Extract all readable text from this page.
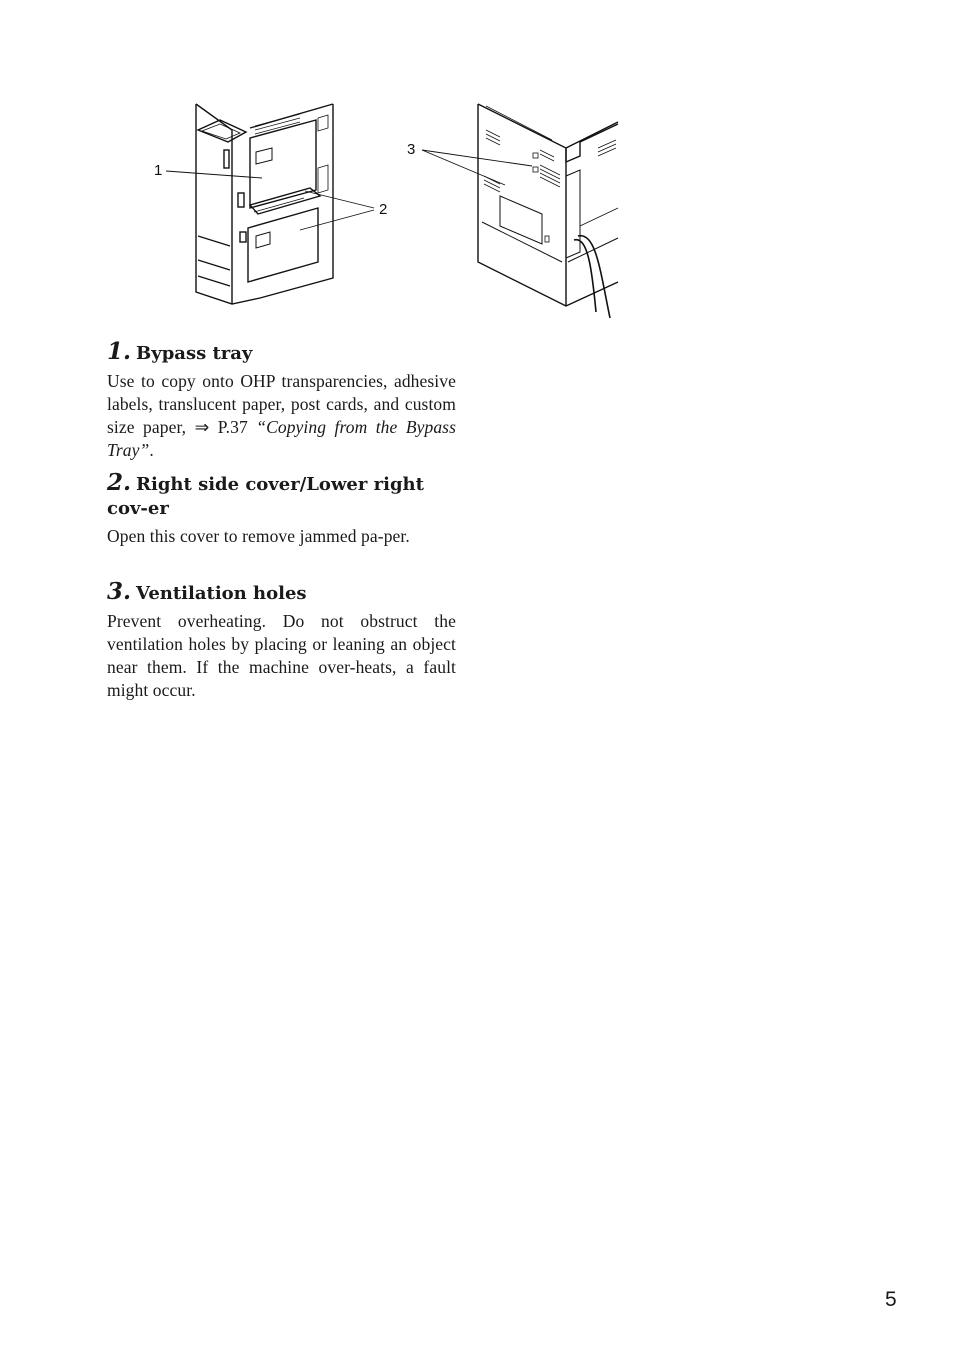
1
2
3

1. Bypass tray

Use to copy onto OHP transparencies, adhesive labels, translucent paper, post cards, and custom size paper, ⇒ P.37 “Copying from the Bypass Tray”.

2. Right side cover/Lower right cov-er

Open this cover to remove jammed pa-per.

3. Ventilation holes

Prevent overheating. Do not obstruct the ventilation holes by placing or leaning an object near them. If the machine over-heats, a fault might occur.

5
